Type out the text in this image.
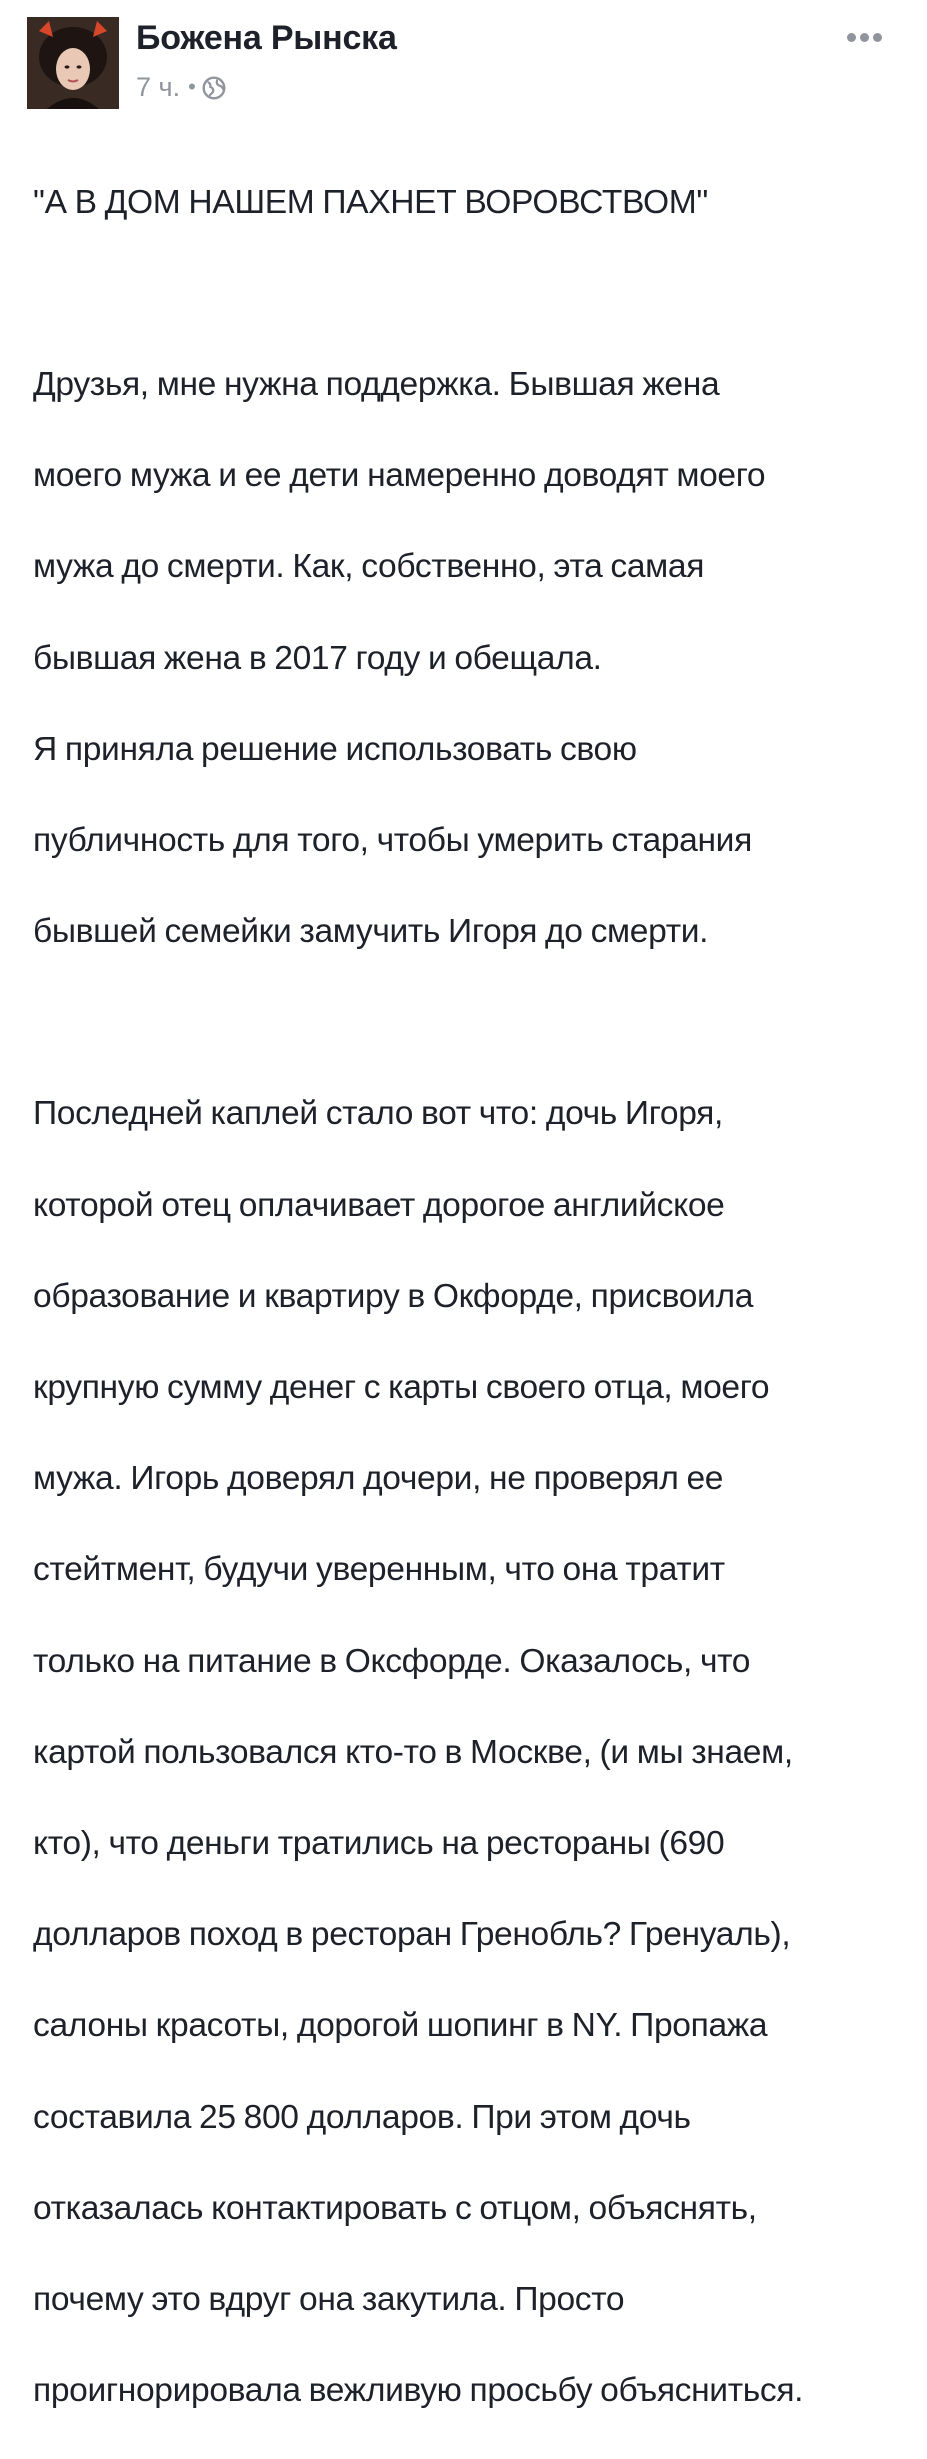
Божена Рынска
7 ч. •

"А В ДОМ НАШЕМ ПАХНЕТ ВОРОВСТВОМ"

Друзья, мне нужна поддержка. Бывшая жена

моего мужа и ее дети намеренно доводят моего

мужа до смерти. Как, собственно, эта самая

бывшая жена в 2017 году и обещала.

Я приняла решение использовать свою

публичность для того, чтобы умерить старания

бывшей семейки замучить Игоря до смерти.

Последней каплей стало вот что: дочь Игоря,

которой отец оплачивает дорогое английское

образование и квартиру в Окфорде, присвоила

крупную сумму денег с карты своего отца, моего

мужа. Игорь доверял дочери, не проверял ее

стейтмент, будучи уверенным, что она тратит

только на питание в Оксфорде. Оказалось, что

картой пользовался кто-то в Москве, (и мы знаем,

кто), что деньги тратились на рестораны (690

долларов поход в ресторан Гренобль? Гренуаль),

салоны красоты, дорогой шопинг в NY. Пропажа

составила 25 800 долларов. При этом дочь

отказалась контактировать с отцом, объяснять,

почему это вдруг она закутила. Просто

проигнорировала вежливую просьбу объясниться.
